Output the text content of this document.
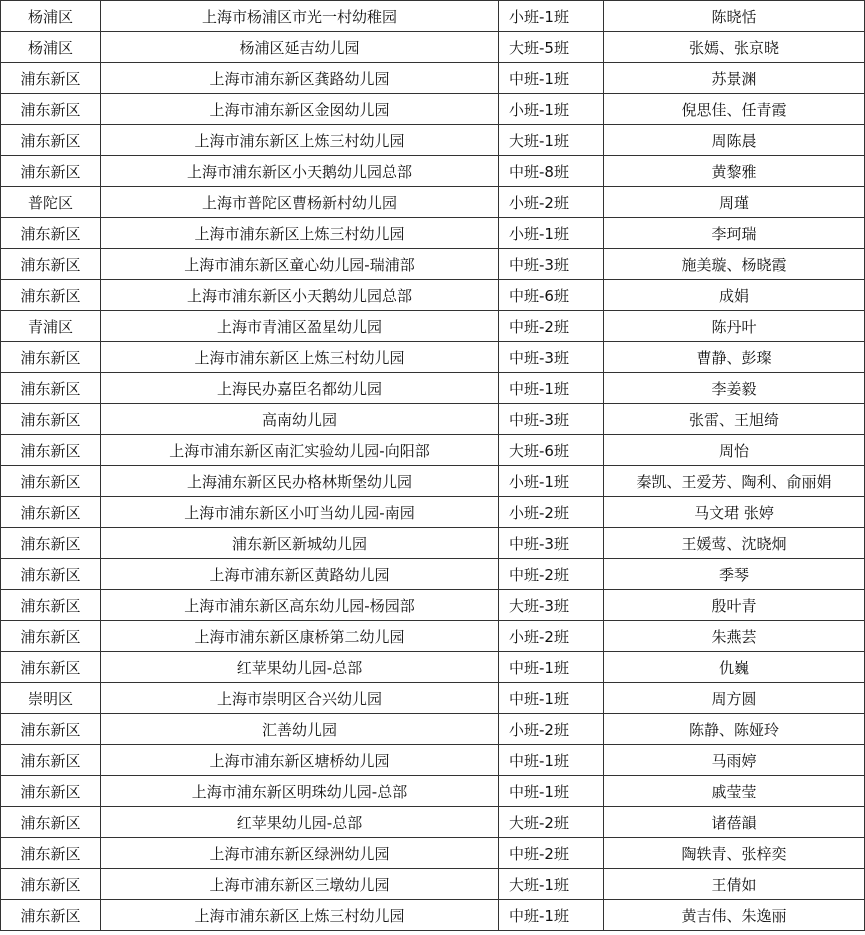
杨浦区	上海市杨浦区市光一村幼稚园	小班-1班	陈晓恬
杨浦区	杨浦区延吉幼儿园	大班-5班	张嫣、张京晓
浦东新区	上海市浦东新区龚路幼儿园	中班-1班	苏景渊
浦东新区	上海市浦东新区金囡幼儿园	小班-1班	倪思佳、任青霞
浦东新区	上海市浦东新区上炼三村幼儿园	大班-1班	周陈晨
浦东新区	上海市浦东新区小天鹅幼儿园总部	中班-8班	黄黎雅
普陀区	上海市普陀区曹杨新村幼儿园	小班-2班	周瑾
浦东新区	上海市浦东新区上炼三村幼儿园	小班-1班	李珂瑞
浦东新区	上海市浦东新区童心幼儿园-瑞浦部	中班-3班	施美璇、杨晓霞
浦东新区	上海市浦东新区小天鹅幼儿园总部	中班-6班	成娟
青浦区	上海市青浦区盈星幼儿园	中班-2班	陈丹叶
浦东新区	上海市浦东新区上炼三村幼儿园	中班-3班	曹静、彭璨
浦东新区	上海民办嘉臣名都幼儿园	中班-1班	李姜毅
浦东新区	高南幼儿园	中班-3班	张雷、王旭绮
浦东新区	上海市浦东新区南汇实验幼儿园-向阳部	大班-6班	周怡
浦东新区	上海浦东新区民办格林斯堡幼儿园	小班-1班	秦凯、王爱芳、陶利、俞丽娟
浦东新区	上海市浦东新区小叮当幼儿园-南园	小班-2班	马文珺 张婷
浦东新区	浦东新区新城幼儿园	中班-3班	王媛莺、沈晓炯
浦东新区	上海市浦东新区黄路幼儿园	中班-2班	季琴
浦东新区	上海市浦东新区高东幼儿园-杨园部	大班-3班	殷叶青
浦东新区	上海市浦东新区康桥第二幼儿园	小班-2班	朱燕芸
浦东新区	红苹果幼儿园-总部	中班-1班	仇巍
崇明区	上海市崇明区合兴幼儿园	中班-1班	周方圆
浦东新区	汇善幼儿园	小班-2班	陈静、陈娅玲
浦东新区	上海市浦东新区塘桥幼儿园	中班-1班	马雨婷
浦东新区	上海市浦东新区明珠幼儿园-总部	中班-1班	戚莹莹
浦东新区	红苹果幼儿园-总部	大班-2班	诸蓓韻
浦东新区	上海市浦东新区绿洲幼儿园	中班-2班	陶轶青、张梓奕
浦东新区	上海市浦东新区三墩幼儿园	大班-1班	王倩如
浦东新区	上海市浦东新区上炼三村幼儿园	中班-1班	黄吉伟、朱逸丽
